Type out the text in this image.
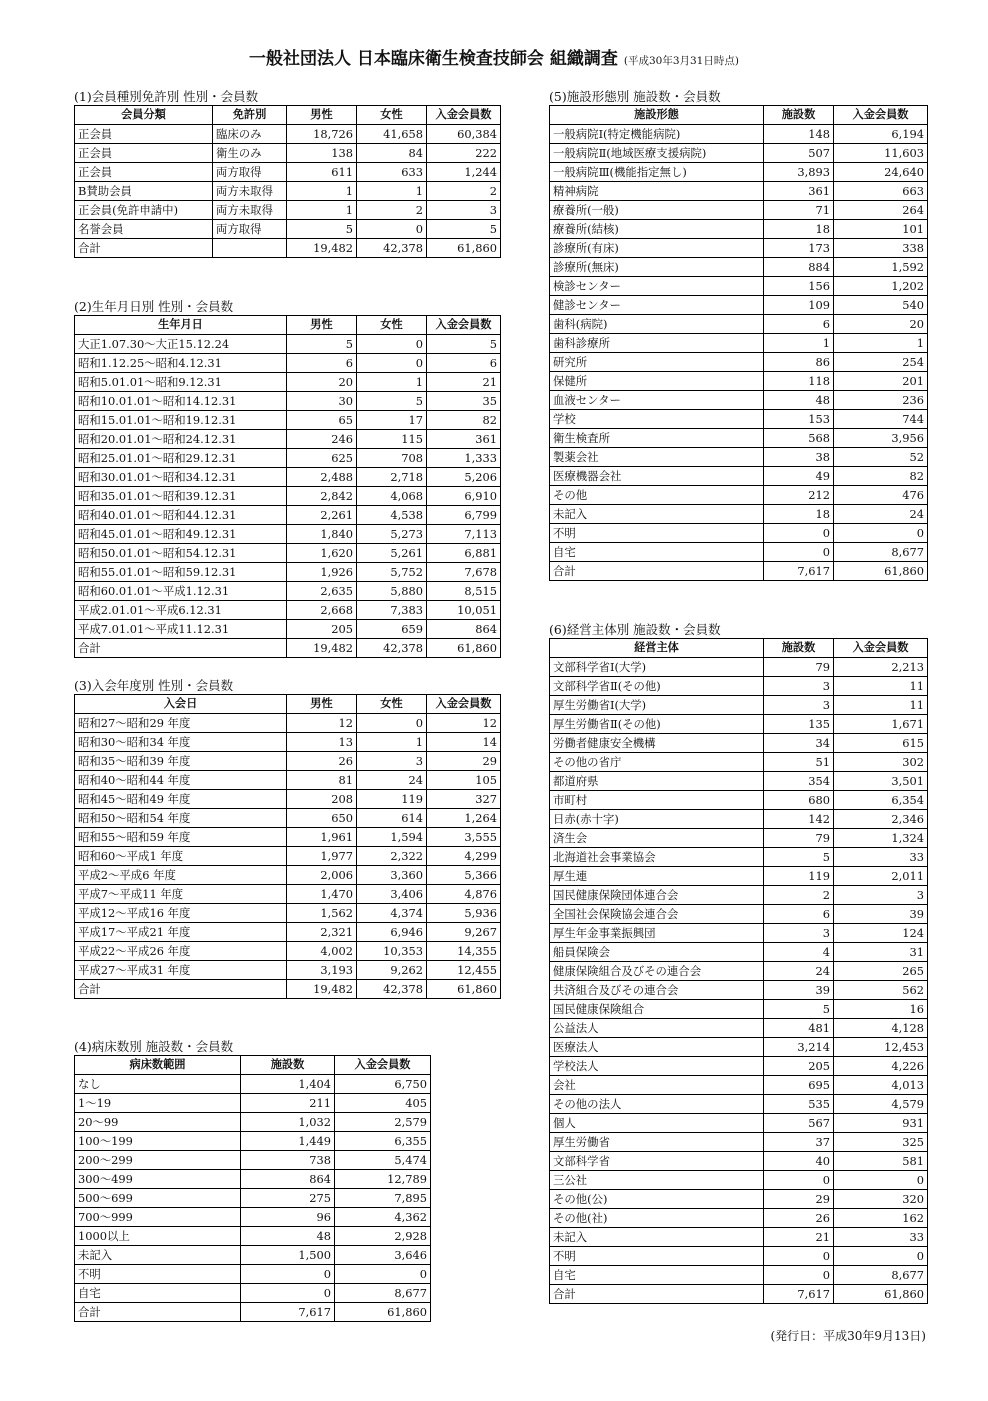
一般社団法人 日本臨床衛生検査技師会 組織調査 (平成30年3月31日時点)
(1)会員種別免許別 性別・会員数
会員分類	免許別	男性	女性	入金会員数
正会員	臨床のみ	18,726	41,658	60,384
正会員	衛生のみ	138	84	222
正会員	両方取得	611	633	1,244
B賛助会員	両方未取得	1	1	2
正会員(免許申請中)	両方未取得	1	2	3
名誉会員	両方取得	5	0	5
合計		19,482	42,378	61,860
(2)生年月日別 性別・会員数
生年月日	男性	女性	入金会員数
大正1.07.30～大正15.12.24	5	0	5
昭和1.12.25～昭和4.12.31	6	0	6
昭和5.01.01～昭和9.12.31	20	1	21
昭和10.01.01～昭和14.12.31	30	5	35
昭和15.01.01～昭和19.12.31	65	17	82
昭和20.01.01～昭和24.12.31	246	115	361
昭和25.01.01～昭和29.12.31	625	708	1,333
昭和30.01.01～昭和34.12.31	2,488	2,718	5,206
昭和35.01.01～昭和39.12.31	2,842	4,068	6,910
昭和40.01.01～昭和44.12.31	2,261	4,538	6,799
昭和45.01.01～昭和49.12.31	1,840	5,273	7,113
昭和50.01.01～昭和54.12.31	1,620	5,261	6,881
昭和55.01.01～昭和59.12.31	1,926	5,752	7,678
昭和60.01.01～平成1.12.31	2,635	5,880	8,515
平成2.01.01～平成6.12.31	2,668	7,383	10,051
平成7.01.01～平成11.12.31	205	659	864
合計	19,482	42,378	61,860
(3)入会年度別 性別・会員数
入会日	男性	女性	入金会員数
昭和27～昭和29 年度	12	0	12
昭和30～昭和34 年度	13	1	14
昭和35～昭和39 年度	26	3	29
昭和40～昭和44 年度	81	24	105
昭和45～昭和49 年度	208	119	327
昭和50～昭和54 年度	650	614	1,264
昭和55～昭和59 年度	1,961	1,594	3,555
昭和60～平成1 年度	1,977	2,322	4,299
平成2～平成6 年度	2,006	3,360	5,366
平成7～平成11 年度	1,470	3,406	4,876
平成12～平成16 年度	1,562	4,374	5,936
平成17～平成21 年度	2,321	6,946	9,267
平成22～平成26 年度	4,002	10,353	14,355
平成27～平成31 年度	3,193	9,262	12,455
合計	19,482	42,378	61,860
(4)病床数別 施設数・会員数
病床数範囲	施設数	入金会員数
なし	1,404	6,750
1～19	211	405
20～99	1,032	2,579
100～199	1,449	6,355
200～299	738	5,474
300～499	864	12,789
500～699	275	7,895
700～999	96	4,362
1000以上	48	2,928
未記入	1,500	3,646
不明	0	0
自宅	0	8,677
合計	7,617	61,860
(5)施設形態別 施設数・会員数
施設形態	施設数	入金会員数
一般病院Ⅰ(特定機能病院)	148	6,194
一般病院Ⅱ(地域医療支援病院)	507	11,603
一般病院Ⅲ(機能指定無し)	3,893	24,640
精神病院	361	663
療養所(一般)	71	264
療養所(結核)	18	101
診療所(有床)	173	338
診療所(無床)	884	1,592
検診センター	156	1,202
健診センター	109	540
歯科(病院)	6	20
歯科診療所	1	1
研究所	86	254
保健所	118	201
血液センター	48	236
学校	153	744
衛生検査所	568	3,956
製薬会社	38	52
医療機器会社	49	82
その他	212	476
未記入	18	24
不明	0	0
自宅	0	8,677
合計	7,617	61,860
(6)経営主体別 施設数・会員数
経営主体	施設数	入金会員数
文部科学省Ⅰ(大学)	79	2,213
文部科学省Ⅱ(その他)	3	11
厚生労働省Ⅰ(大学)	3	11
厚生労働省Ⅱ(その他)	135	1,671
労働者健康安全機構	34	615
その他の省庁	51	302
都道府県	354	3,501
市町村	680	6,354
日赤(赤十字)	142	2,346
済生会	79	1,324
北海道社会事業協会	5	33
厚生連	119	2,011
国民健康保険団体連合会	2	3
全国社会保険協会連合会	6	39
厚生年金事業振興団	3	124
船員保険会	4	31
健康保険組合及びその連合会	24	265
共済組合及びその連合会	39	562
国民健康保険組合	5	16
公益法人	481	4,128
医療法人	3,214	12,453
学校法人	205	4,226
会社	695	4,013
その他の法人	535	4,579
個人	567	931
厚生労働省	37	325
文部科学省	40	581
三公社	0	0
その他(公)	29	320
その他(社)	26	162
未記入	21	33
不明	0	0
自宅	0	8,677
合計	7,617	61,860
(発行日：平成30年9月13日)
